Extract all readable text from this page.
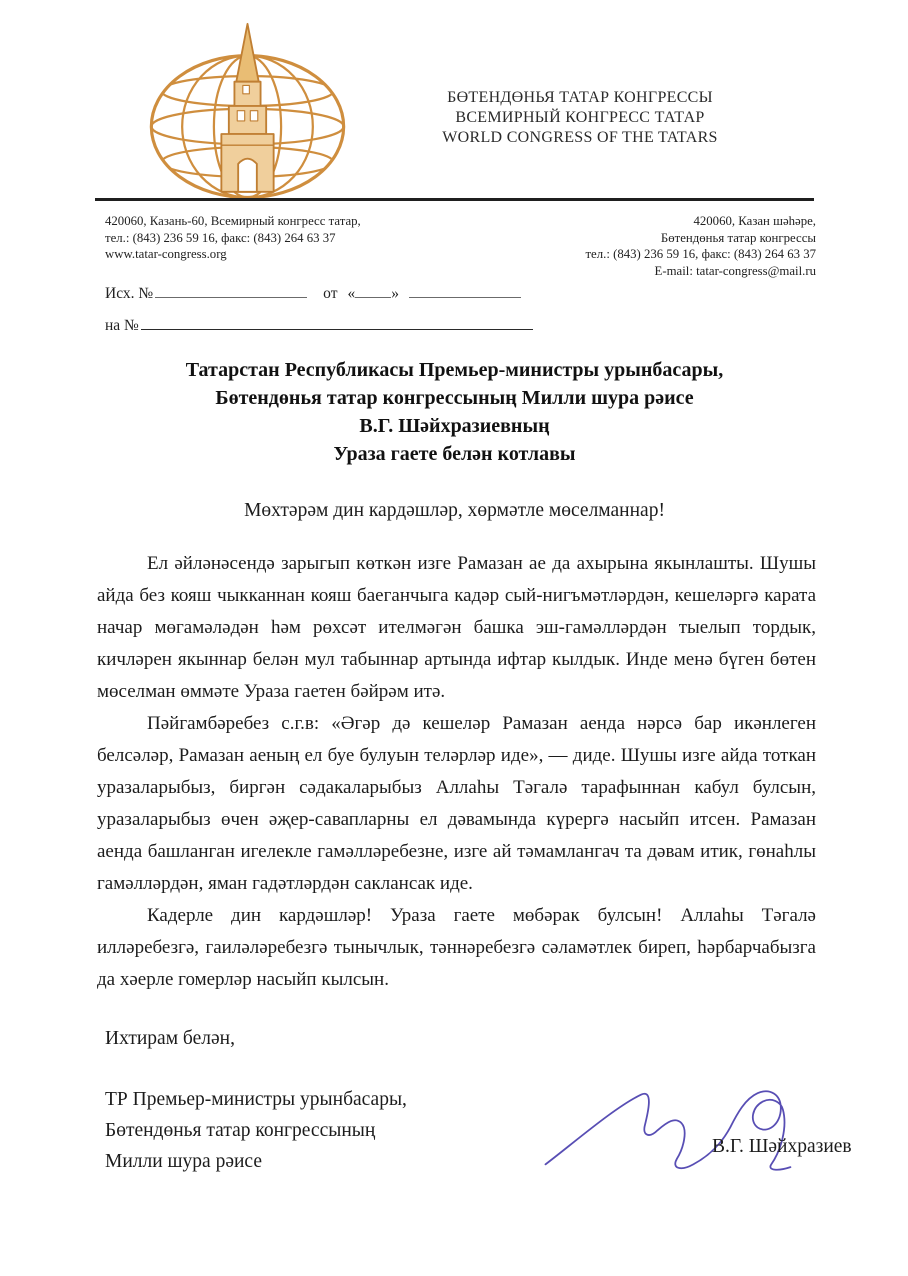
БӨТЕНДӨНЬЯ ТАТАР КОНГРЕССЫ
ВСЕМИРНЫЙ КОНГРЕСС ТАТАР
WORLD CONGRESS OF THE TATARS
420060, Казань-60, Всемирный конгресс татар,
тел.: (843) 236 59 16, факс: (843) 264 63 37
www.tatar-congress.org
420060, Казан шәһәре,
Бөтендөнья татар конгрессы
тел.: (843) 236 59 16, факс: (843) 264 63 37
E-mail: tatar-congress@mail.ru
Исх. №	от « »
на №
Татарстан Республикасы Премьер-министры урынбасары,
Бөтендөнья татар конгрессының Милли шура рәисе
В.Г. Шәйхразиевның
Ураза гаете белән котлавы
Мөхтәрәм дин кардәшләр, хөрмәтле мөселманнар!

Ел әйләнәсендә зарыгып көткән изге Рамазан ае да ахырына якынлашты. Шушы айда без кояш чыкканнан кояш баеганчыга кадәр сый-нигъмәтләрдән, кешеләргә карата начар мөгамәләдән һәм рөхсәт ителмәгән башка эш-гамәлләрдән тыелып тордык, кичләрен якыннар белән мул табыннар артында ифтар кылдык. Инде менә бүген бөтен мөселман өммәте Ураза гаетен бәйрәм итә.

Пәйгамбәребез с.г.в: «Әгәр дә кешеләр Рамазан аенда нәрсә бар икәнлеген белсәләр, Рамазан аеның ел буе булуын теләрләр иде», — диде. Шушы изге айда тоткан уразаларыбыз, биргән сәдакаларыбыз Аллаһы Тәгалә тарафыннан кабул булсын, уразаларыбыз өчен әҗер-савапларны ел дәвамында күрергә насыйп итсен. Рамазан аенда башланган игелекле гамәлләребезне, изге ай тәмамлангач та дәвам итик, гөнаһлы гамәлләрдән, яман гадәтләрдән саклансак иде.

Кадерле дин кардәшләр! Ураза гаете мөбәрак булсын! Аллаһы Тәгалә илләребезгә, гаиләләребезгә тынычлык, тәннәребезгә сәламәтлек биреп, һәрбарчабызга да хәерле гомерләр насыйп кылсын.

Ихтирам белән,
ТР Премьер-министры урынбасары,
Бөтендөнья татар конгрессының
Милли шура рәисе
В.Г. Шәйхразиев
